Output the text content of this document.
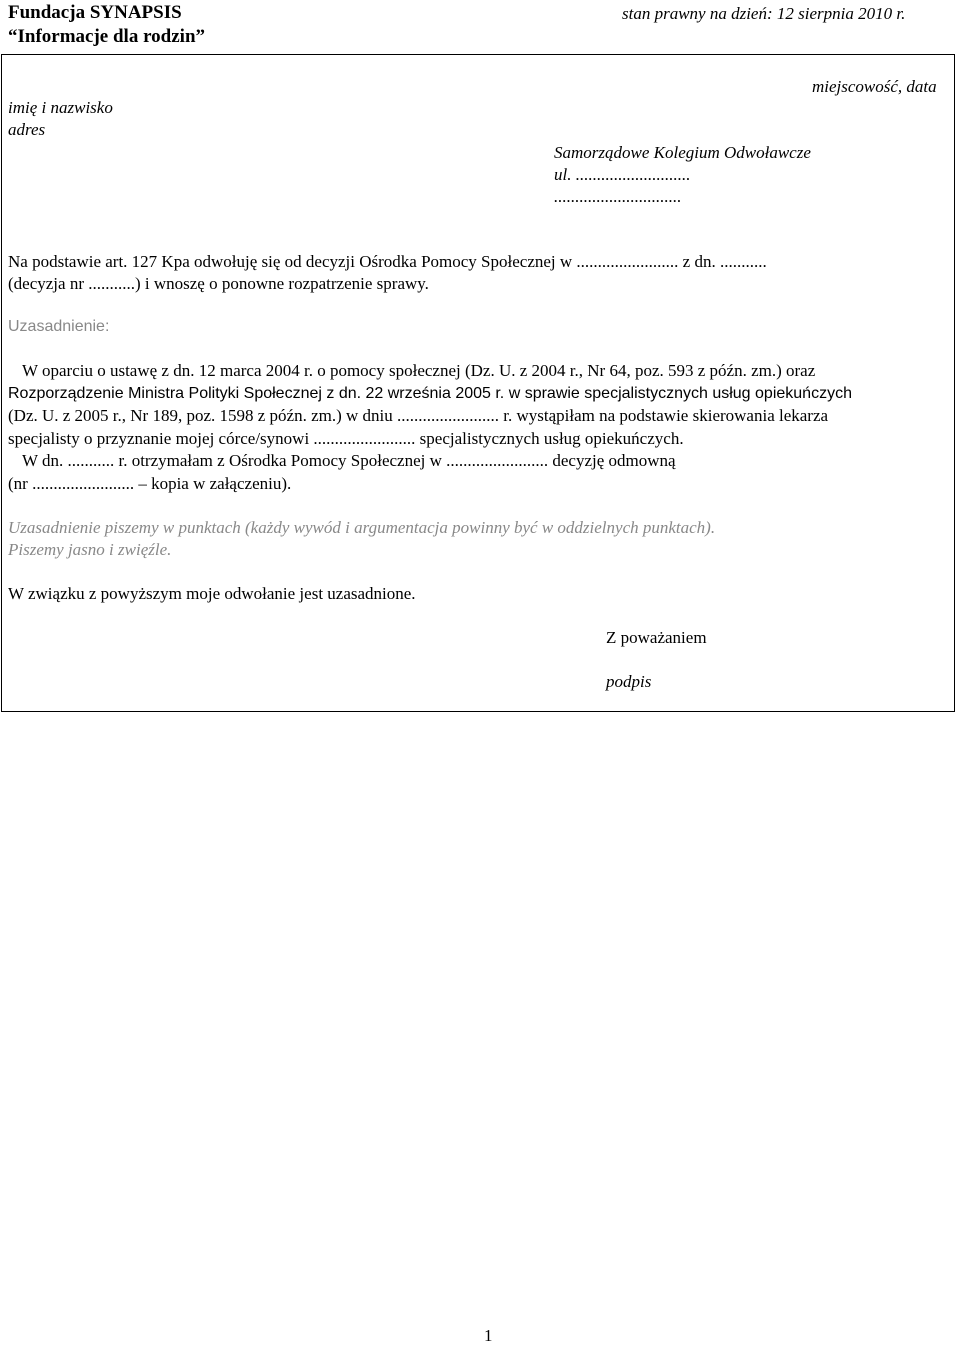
Fundacja SYNAPSIS
“Informacje dla rodzin”
stan prawny na dzień: 12 sierpnia 2010 r.
miejscowość, data
imię i nazwisko
adres
Samorządowe Kolegium Odwoławcze
ul. ...........................
..............................
Na podstawie art. 127 Kpa odwołuję się od decyzji Ośrodka Pomocy Społecznej w ........................ z dn. ...........
(decyzja nr ...........) i wnoszę o ponowne rozpatrzenie sprawy.
Uzasadnienie:
W oparciu o ustawę z dn. 12 marca 2004 r. o pomocy społecznej (Dz. U. z 2004 r., Nr 64, poz. 593 z późn. zm.) oraz
Rozporządzenie Ministra Polityki Społecznej z dn. 22 września 2005 r. w sprawie specjalistycznych usług opiekuńczych
(Dz. U. z 2005 r., Nr 189, poz. 1598 z późn. zm.) w dniu ........................ r. wystąpiłam na podstawie skierowania lekarza
specjalisty o przyznanie mojej córce/synowi ........................ specjalistycznych usług opiekuńczych.
W dn. ........... r. otrzymałam z Ośrodka Pomocy Społecznej w ........................ decyzję odmowną
(nr ........................ – kopia w załączeniu).
Uzasadnienie piszemy w punktach (każdy wywód i argumentacja powinny być w oddzielnych punktach).
Piszemy jasno i zwięźle.
W związku z powyższym moje odwołanie jest uzasadnione.
Z poważaniem
podpis
1
